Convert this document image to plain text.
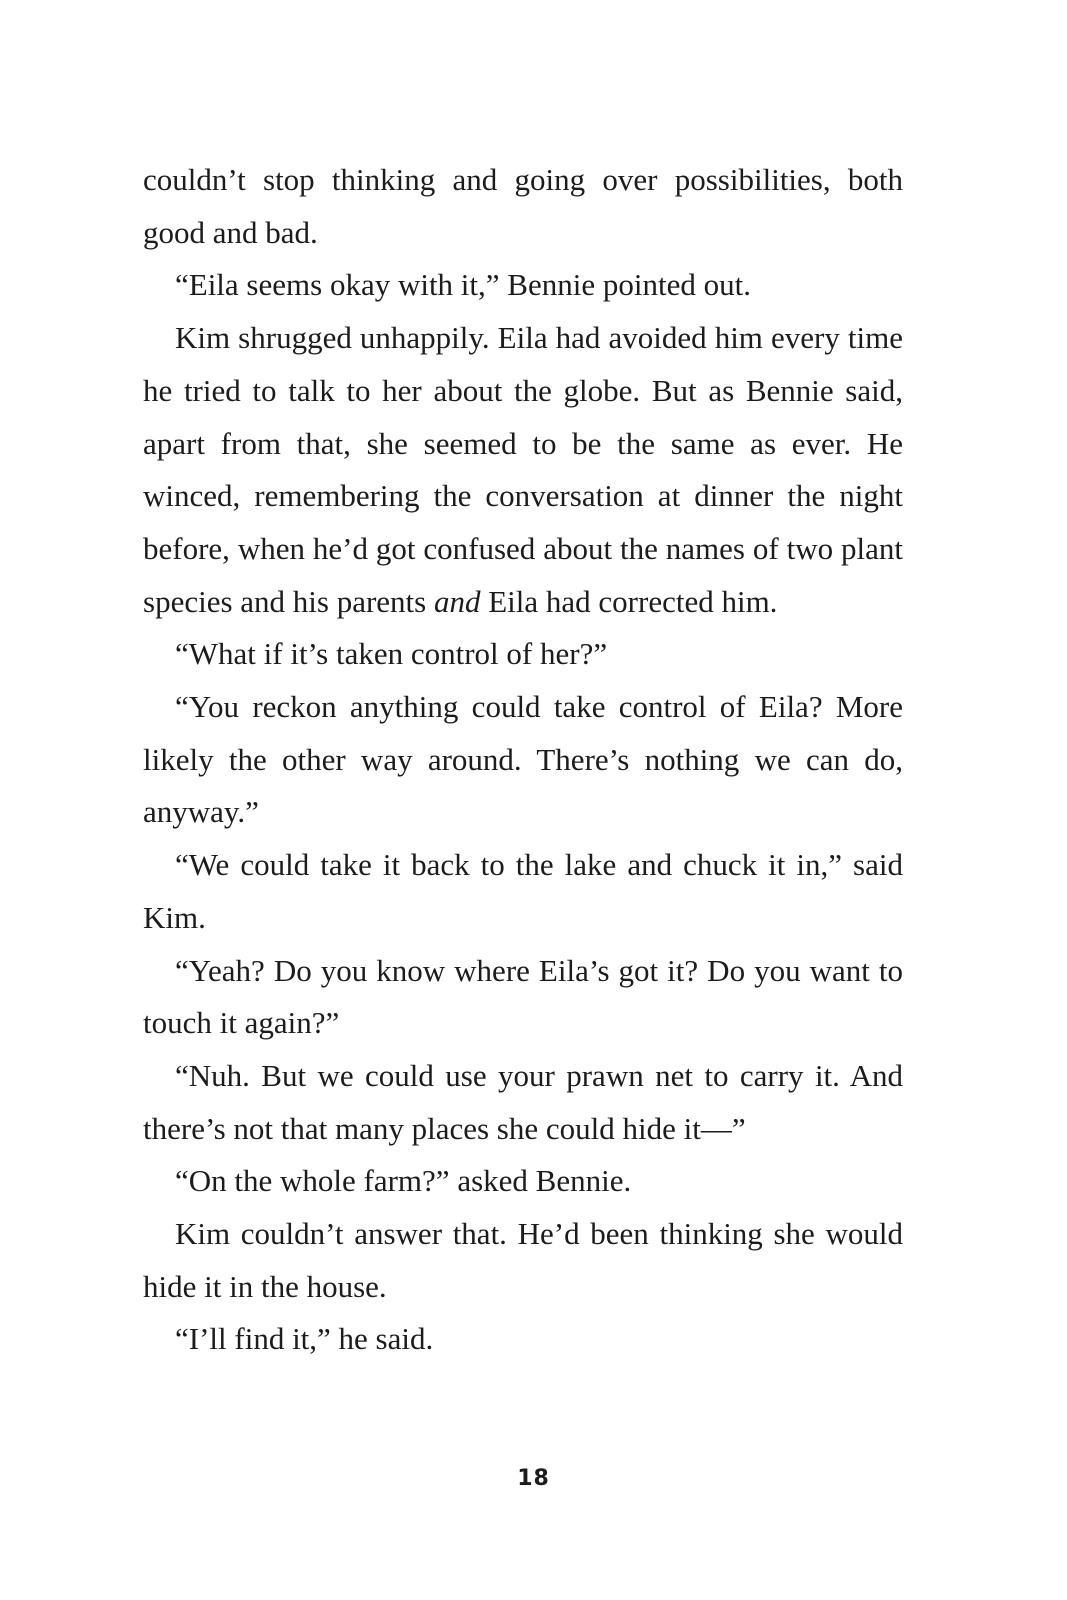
couldn’t stop thinking and going over possibilities, both good and bad.

“Eila seems okay with it,” Bennie pointed out.

Kim shrugged unhappily. Eila had avoided him every time he tried to talk to her about the globe. But as Bennie said, apart from that, she seemed to be the same as ever. He winced, remembering the conversation at dinner the night before, when he’d got confused about the names of two plant species and his parents and Eila had corrected him.

“What if it’s taken control of her?”

“You reckon anything could take control of Eila? More likely the other way around. There’s nothing we can do, anyway.”

“We could take it back to the lake and chuck it in,” said Kim.

“Yeah? Do you know where Eila’s got it? Do you want to touch it again?”

“Nuh. But we could use your prawn net to carry it. And there’s not that many places she could hide it—”

“On the whole farm?” asked Bennie.

Kim couldn’t answer that. He’d been thinking she would hide it in the house.

“I’ll find it,” he said.

18
